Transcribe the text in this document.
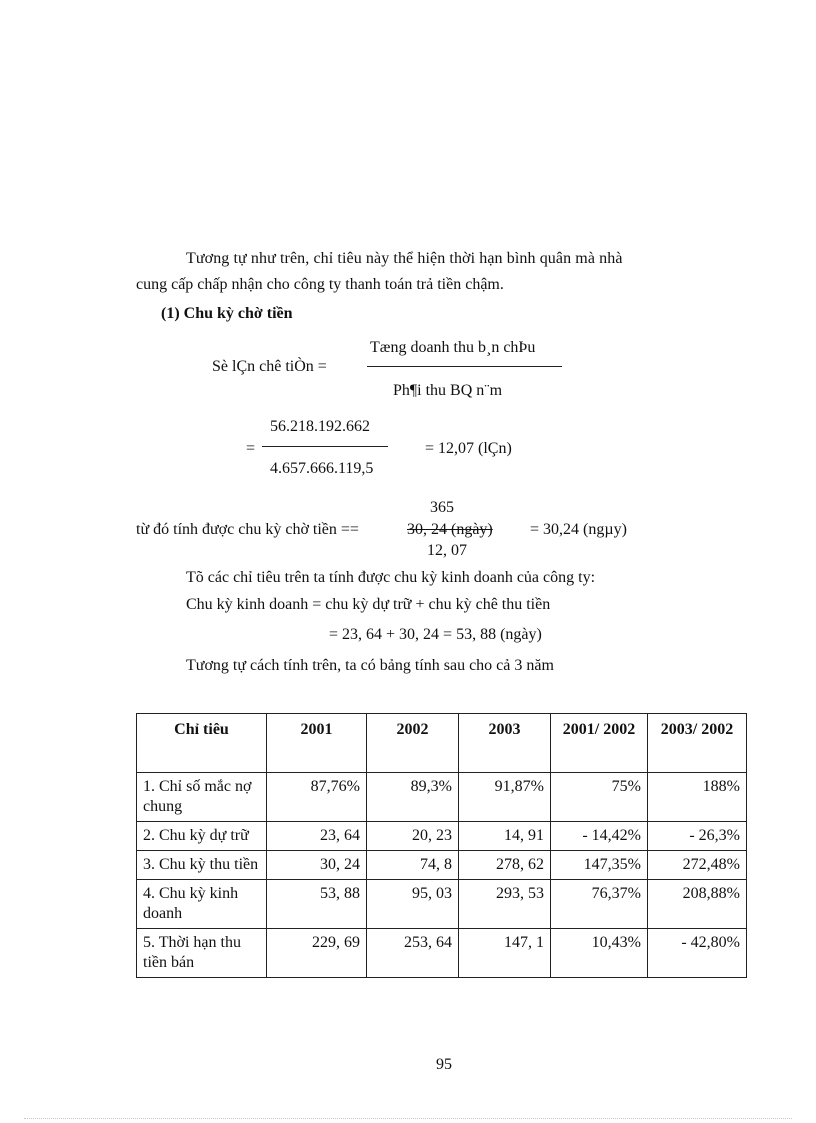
Tương tự như trên, chỉ tiêu này thể hiện thời hạn bình quân mà nhà
cung cấp chấp nhận cho công ty thanh toán trả tiền chậm.
(1) Chu kỳ chờ tiền
Sè lÇn chê tiÒn =
Tæng doanh thu b¸n chÞu
Ph¶i thu BQ n¨m
=
56.218.192.662
4.657.666.119,5
= 12,07 (lÇn)
365
từ đó tính được chu kỳ chờ tiền ==	30, 24 (ngày) = 30,24 (ngµy)
12, 07
Tõ các chỉ tiêu trên ta tính được chu kỳ kinh doanh của công ty:
Chu kỳ kinh doanh = chu kỳ dự trữ + chu kỳ chê thu tiền
= 23, 64 + 30, 24 = 53, 88 (ngày)
Tương tự cách tính trên, ta có bảng tính sau cho cả 3 năm
Chỉ tiêu	2001	2002	2003	2001/ 2002	2003/ 2002
1. Chỉ số mắc nợ chung	87,76%	89,3%	91,87%	75%	188%
2. Chu kỳ dự trữ	23, 64	20, 23	14, 91	- 14,42%	- 26,3%
3. Chu kỳ thu tiền	30, 24	74, 8	278, 62	147,35%	272,48%
4. Chu kỳ kinh doanh	53, 88	95, 03	293, 53	76,37%	208,88%
5. Thời hạn thu tiền bán	229, 69	253, 64	147, 1	10,43%	- 42,80%
95
